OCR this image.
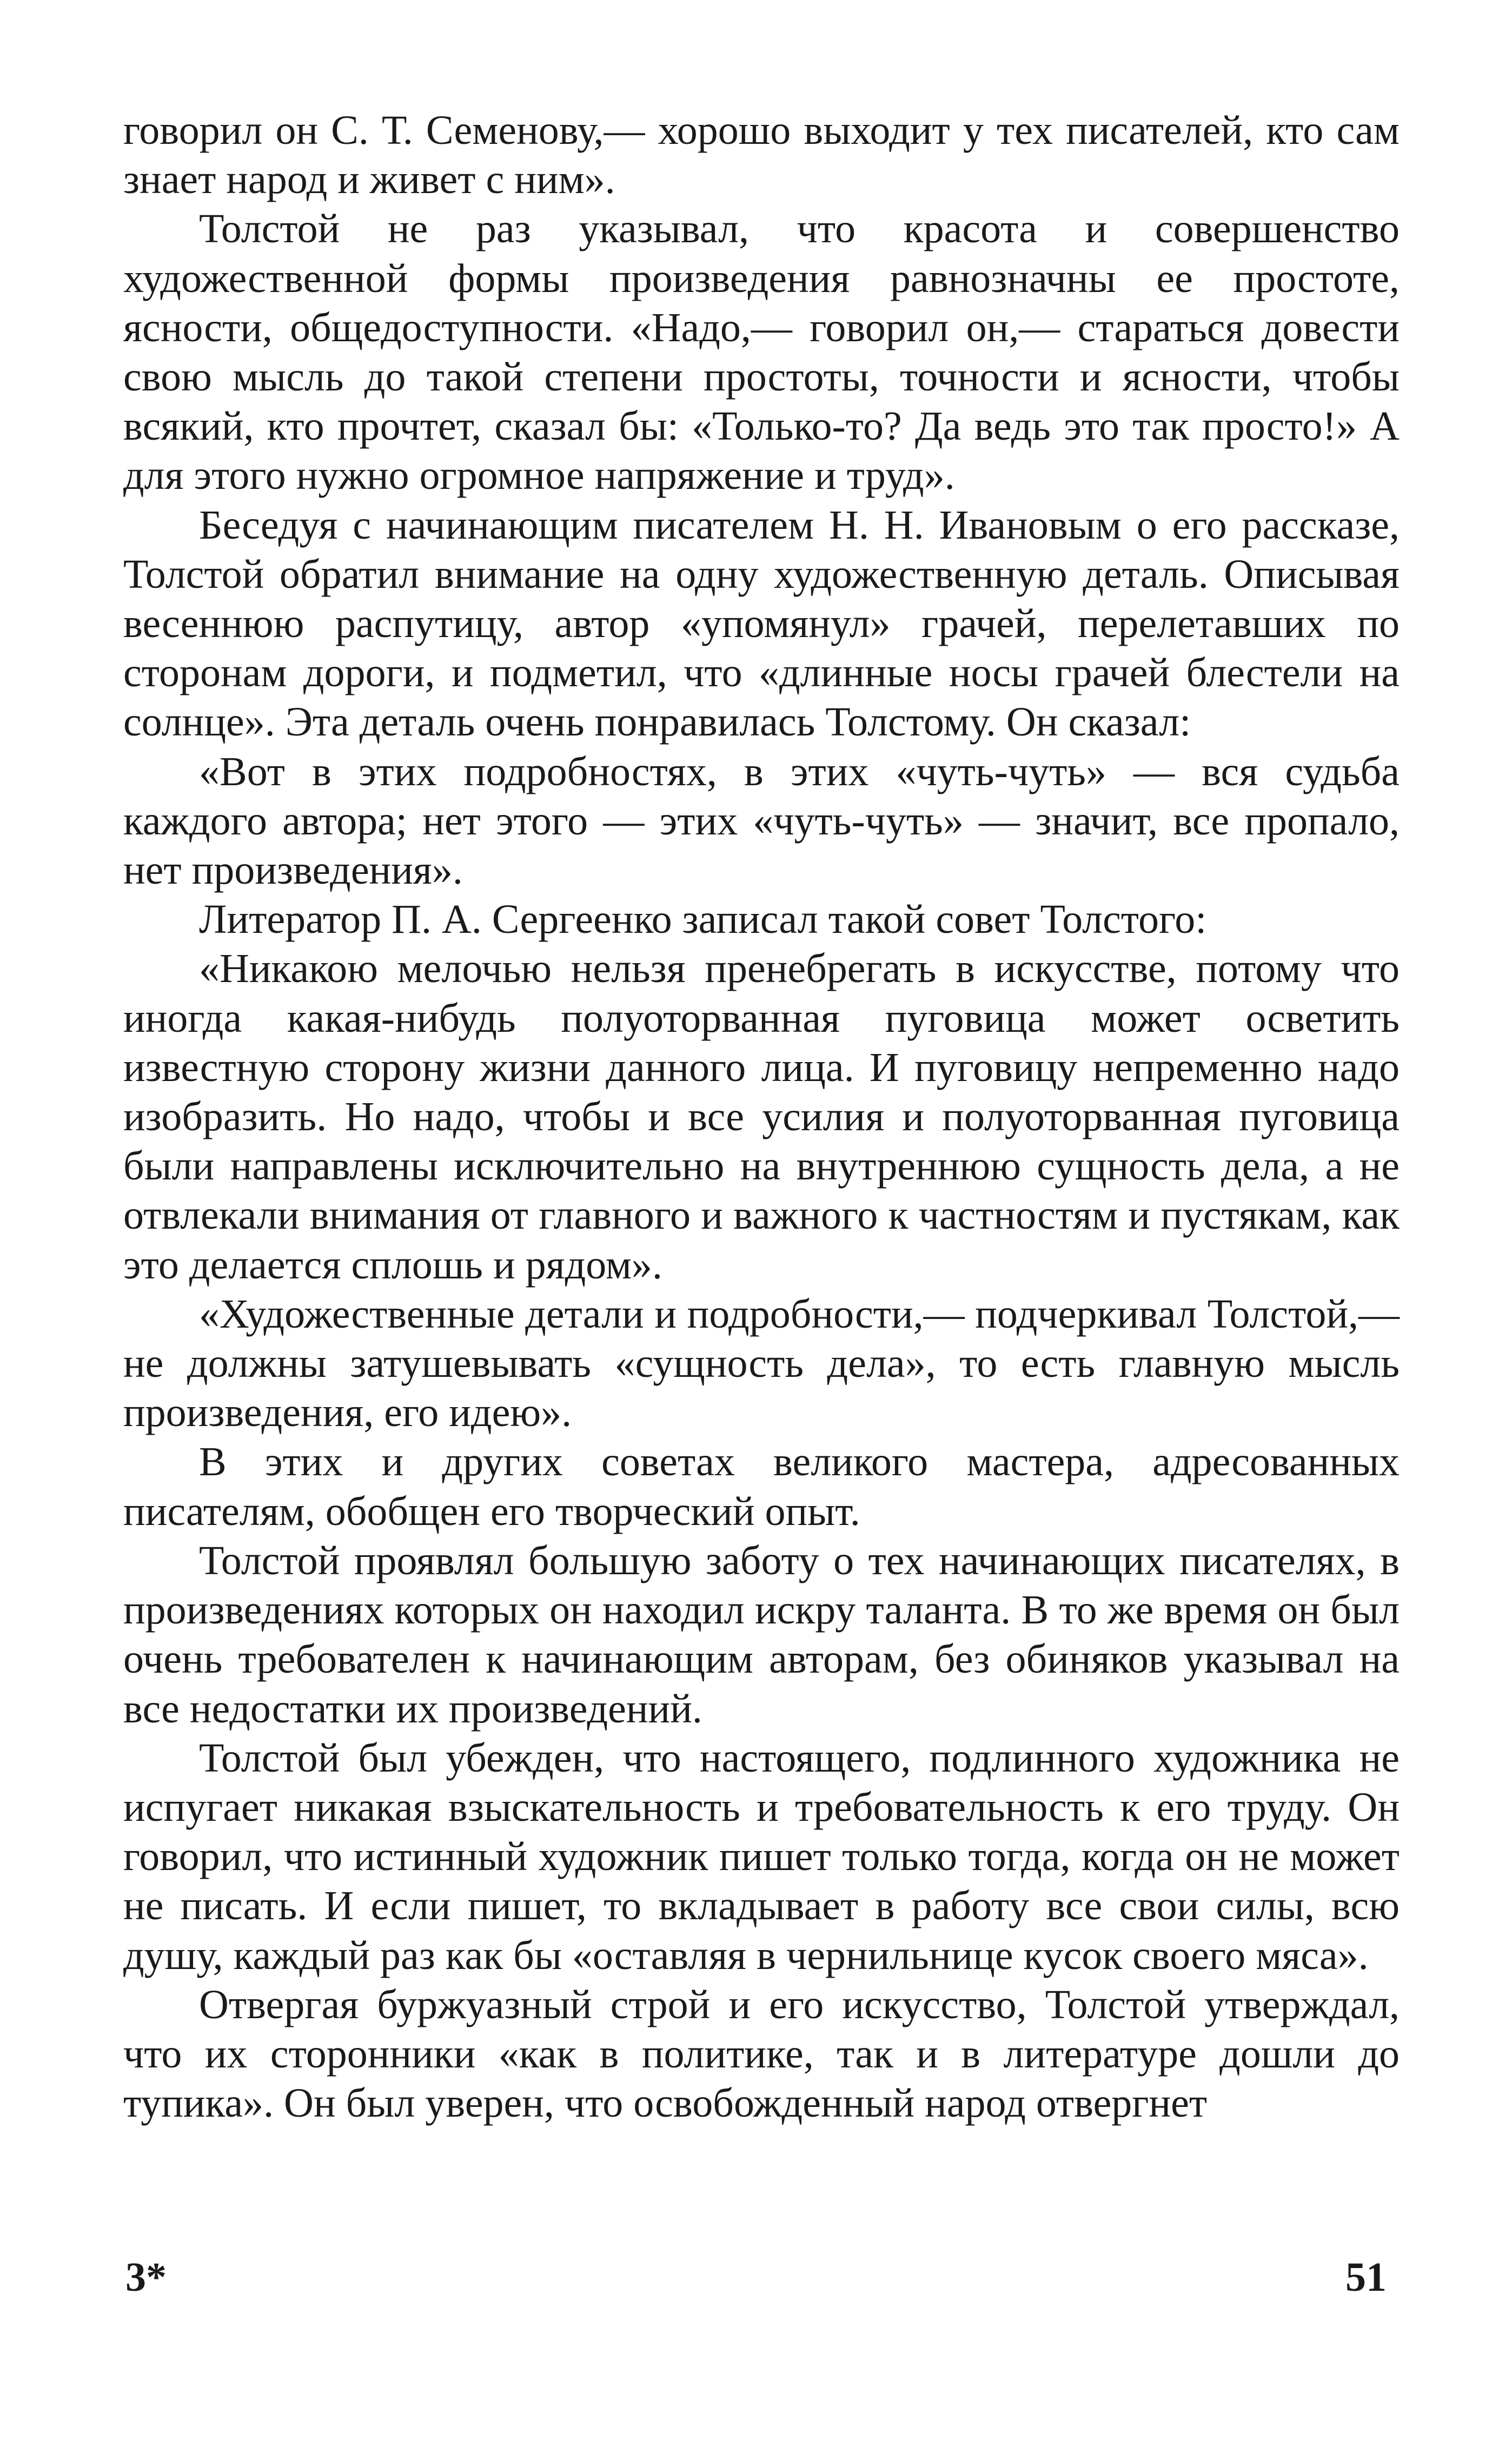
говорил он С. Т. Семенову,— хорошо выходит у тех писателей, кто сам знает народ и живет с ним».

Толстой не раз указывал, что красота и совершенство художественной формы произведения равнозначны ее простоте, ясности, общедоступности. «Надо,— говорил он,— стараться довести свою мысль до такой степени простоты, точности и ясности, чтобы всякий, кто прочтет, сказал бы: «Только-то? Да ведь это так просто!» А для этого нужно огромное напряжение и труд».

Беседуя с начинающим писателем Н. Н. Ивановым о его рассказе, Толстой обратил внимание на одну художественную деталь. Описывая весеннюю распутицу, автор «упомянул» грачей, перелетавших по сторонам дороги, и подметил, что «длинные носы грачей блестели на солнце». Эта деталь очень понравилась Толстому. Он сказал:

«Вот в этих подробностях, в этих «чуть-чуть» — вся судьба каждого автора; нет этого — этих «чуть-чуть» — значит, все пропало, нет произведения».

Литератор П. А. Сергеенко записал такой совет Толстого:

«Никакою мелочью нельзя пренебрегать в искусстве, потому что иногда какая-нибудь полуоторванная пуговица может осветить известную сторону жизни данного лица. И пуговицу непременно надо изобразить. Но надо, чтобы и все усилия и полуоторванная пуговица были направлены исключительно на внутреннюю сущность дела, а не отвлекали внимания от главного и важного к частностям и пустякам, как это делается сплошь и рядом».

«Художественные детали и подробности,— подчеркивал Толстой,— не должны затушевывать «сущность дела», то есть главную мысль произведения, его идею».

В этих и других советах великого мастера, адресованных писателям, обобщен его творческий опыт.

Толстой проявлял большую заботу о тех начинающих писателях, в произведениях которых он находил искру таланта. В то же время он был очень требователен к начинающим авторам, без обиняков указывал на все недостатки их произведений.

Толстой был убежден, что настоящего, подлинного художника не испугает никакая взыскательность и требовательность к его труду. Он говорил, что истинный художник пишет только тогда, когда он не может не писать. И если пишет, то вкладывает в работу все свои силы, всю душу, каждый раз как бы «оставляя в чернильнице кусок своего мяса».

Отвергая буржуазный строй и его искусство, Толстой утверждал, что их сторонники «как в политике, так и в литературе дошли до тупика». Он был уверен, что освобожденный народ отвергнет

3*	51
